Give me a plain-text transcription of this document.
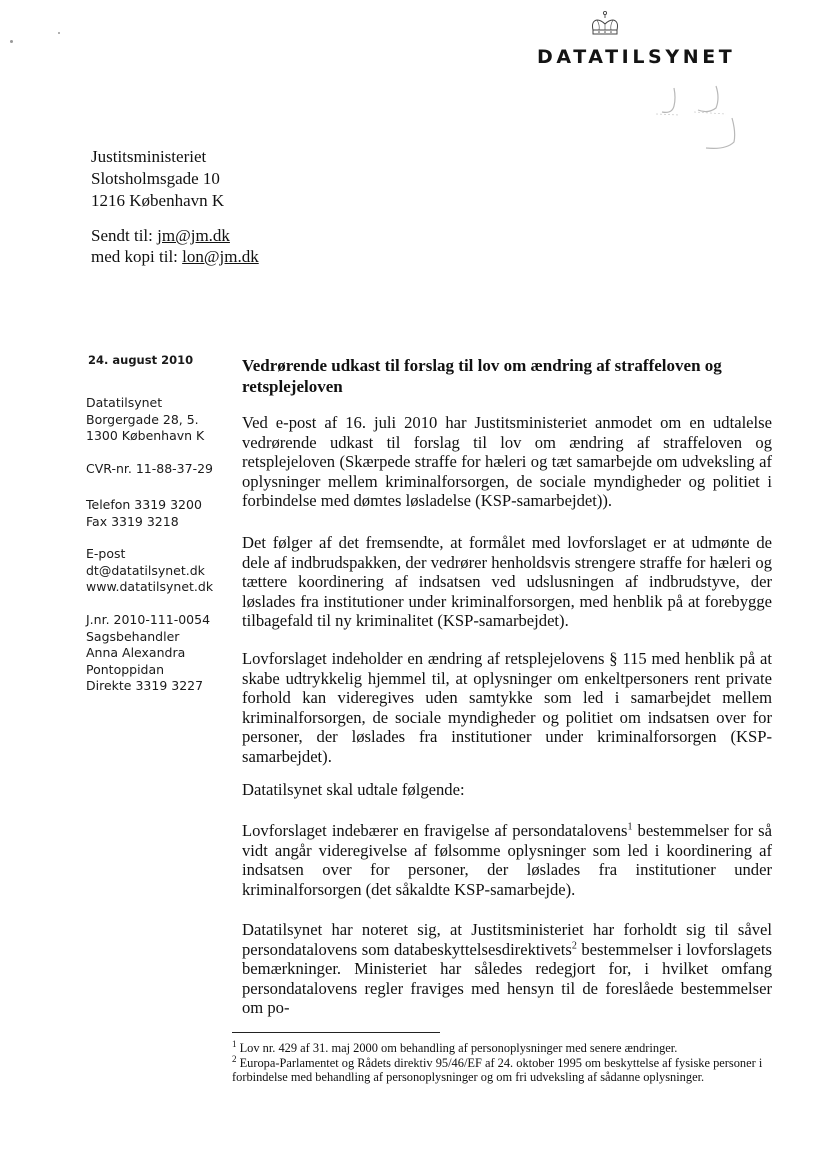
DATATILSYNET
Justitsministeriet
Slotsholmsgade 10
1216 København K
Sendt til: jm@jm.dk
med kopi til: lon@jm.dk
24. august 2010
Datatilsynet
Borgergade 28, 5.
1300 København K
CVR-nr. 11-88-37-29
Telefon 3319 3200
Fax 3319 3218
E-post
dt@datatilsynet.dk
www.datatilsynet.dk
J.nr. 2010-111-0054
Sagsbehandler
Anna Alexandra
Pontoppidan
Direkte 3319 3227
Vedrørende udkast til forslag til lov om ændring af straffeloven og retsplejeloven

Ved e-post af 16. juli 2010 har Justitsministeriet anmodet om en udtalelse vedrørende udkast til forslag til lov om ændring af straffeloven og retsplejeloven (Skærpede straffe for hæleri og tæt samarbejde om udveksling af oplysninger mellem kriminalforsorgen, de sociale myndigheder og politiet i forbindelse med dømtes løsladelse (KSP-samarbejdet)).

Det følger af det fremsendte, at formålet med lovforslaget er at udmønte de dele af indbrudspakken, der vedrører henholdsvis strengere straffe for hæleri og tættere koordinering af indsatsen ved udslusningen af indbrudstyve, der løslades fra institutioner under kriminalforsorgen, med henblik på at forebygge tilbagefald til ny kriminalitet (KSP-samarbejdet).

Lovforslaget indeholder en ændring af retsplejelovens § 115 med henblik på at skabe udtrykkelig hjemmel til, at oplysninger om enkeltpersoners rent private forhold kan videregives uden samtykke som led i samarbejdet mellem kriminalforsorgen, de sociale myndigheder og politiet om indsatsen over for personer, der løslades fra institutioner under kriminalforsorgen (KSP-samarbejdet).

Datatilsynet skal udtale følgende:

Lovforslaget indebærer en fravigelse af persondatalovens$^1$ bestemmelser for så vidt angår videregivelse af følsomme oplysninger som led i koordinering af indsatsen over for personer, der løslades fra institutioner under kriminalforsorgen (det såkaldte KSP-samarbejde).

Datatilsynet har noteret sig, at Justitsministeriet har forholdt sig til såvel persondatalovens som databeskyttelsesdirektivets$^2$ bestemmelser i lovforslagets bemærkninger. Ministeriet har således redegjort for, i hvilket omfang persondatalovens regler fraviges med hensyn til de foreslåede bestemmelser om po-

$^1$ Lov nr. 429 af 31. maj 2000 om behandling af personoplysninger med senere ændringer.

$^2$ Europa-Parlamentet og Rådets direktiv 95/46/EF af 24. oktober 1995 om beskyttelse af fysiske personer i forbindelse med behandling af personoplysninger og om fri udveksling af sådanne oplysninger.
